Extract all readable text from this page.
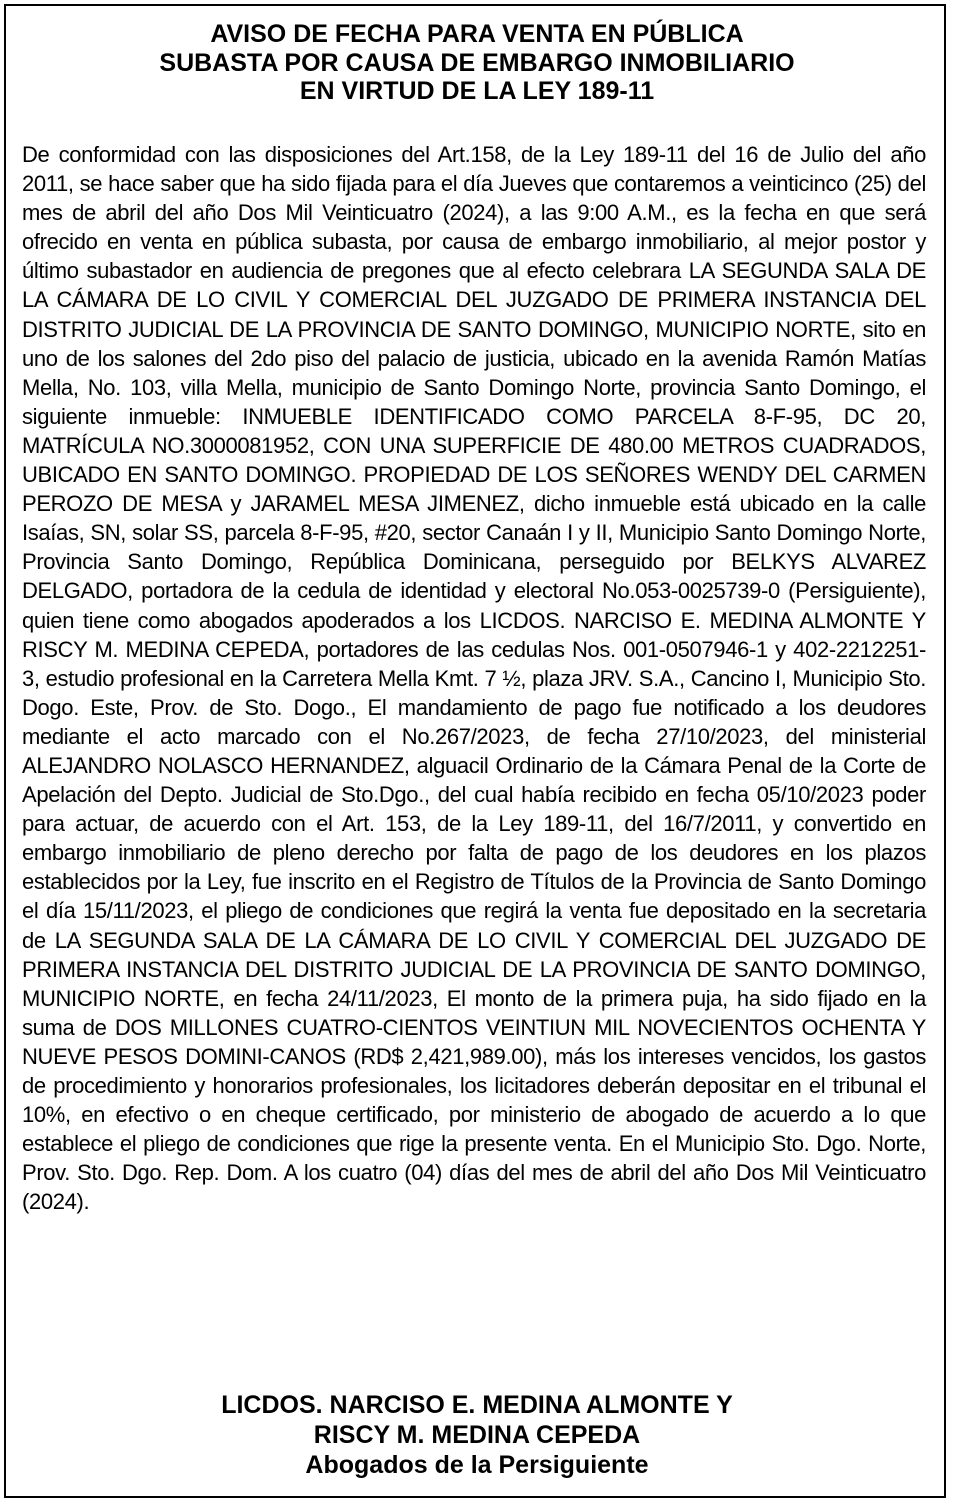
AVISO DE FECHA PARA VENTA EN PÚBLICA
SUBASTA POR CAUSA DE EMBARGO INMOBILIARIO
EN VIRTUD DE LA LEY 189-11

De conformidad con las disposiciones del Art.158, de la Ley 189-11 del 16 de Julio del año 2011, se hace saber que ha sido fijada para el día Jueves que contaremos a veinticinco (25) del mes de abril del año Dos Mil Veinticuatro (2024), a las 9:00 A.M., es la fecha en que será ofrecido en venta en pública subasta, por causa de embargo inmobiliario, al mejor postor y último subastador en audiencia de pregones que al efecto celebrara LA SEGUNDA SALA DE LA CÁMARA DE LO CIVIL Y COMERCIAL DEL JUZGADO DE PRIMERA INSTANCIA DEL DISTRITO JUDICIAL DE LA PROVINCIA DE SANTO DOMINGO, MUNICIPIO NORTE, sito en uno de los salones del 2do piso del palacio de justicia, ubicado en la avenida Ramón Matías Mella, No. 103, villa Mella, municipio de Santo Domingo Norte, provincia Santo Domingo, el siguiente inmueble: INMUEBLE IDENTIFICADO COMO PARCELA 8-F-95, DC 20, MATRÍCULA NO.3000081952, CON UNA SUPERFICIE DE 480.00 METROS CUADRADOS, UBICADO EN SANTO DOMINGO. PROPIEDAD DE LOS SEÑORES WENDY DEL CARMEN PEROZO DE MESA y JARAMEL MESA JIMENEZ, dicho inmueble está ubicado en la calle Isaías, SN, solar SS, parcela 8-F-95, #20, sector Canaán I y II, Municipio Santo Domingo Norte, Provincia Santo Domingo, República Dominicana, perseguido por BELKYS ALVAREZ DELGADO, portadora de la cedula de identidad y electoral No.053-0025739-0 (Persiguiente), quien tiene como abogados apoderados a los LICDOS. NARCISO E. MEDINA ALMONTE Y RISCY M. MEDINA CEPEDA, portadores de las cedulas Nos. 001-0507946-1 y 402-2212251-3, estudio profesional en la Carretera Mella Kmt. 7 ½, plaza JRV. S.A., Cancino I, Municipio Sto. Dogo. Este, Prov. de Sto. Dogo., El mandamiento de pago fue notificado a los deudores mediante el acto marcado con el No.267/2023, de fecha 27/10/2023, del ministerial ALEJANDRO NOLASCO HERNANDEZ, alguacil Ordinario de la Cámara Penal de la Corte de Apelación del Depto. Judicial de Sto.Dgo., del cual había recibido en fecha 05/10/2023 poder para actuar, de acuerdo con el Art. 153, de la Ley 189-11, del 16/7/2011, y convertido en embargo inmobiliario de pleno derecho por falta de pago de los deudores en los plazos establecidos por la Ley, fue inscrito en el Registro de Títulos de la Provincia de Santo Domingo el día 15/11/2023, el pliego de condiciones que regirá la venta fue depositado en la secretaria de LA SEGUNDA SALA DE LA CÁMARA DE LO CIVIL Y COMERCIAL DEL JUZGADO DE PRIMERA INSTANCIA DEL DISTRITO JUDICIAL DE LA PROVINCIA DE SANTO DOMINGO, MUNICIPIO NORTE, en fecha 24/11/2023, El monto de la primera puja, ha sido fijado en la suma de DOS MILLONES CUATRO-CIENTOS VEINTIUN MIL NOVECIENTOS OCHENTA Y NUEVE PESOS DOMINI-CANOS (RD$ 2,421,989.00), más los intereses vencidos, los gastos de procedimiento y honorarios profesionales, los licitadores deberán depositar en el tribunal el 10%, en efectivo o en cheque certificado, por ministerio de abogado de acuerdo a lo que establece el pliego de condiciones que rige la presente venta. En el Municipio Sto. Dgo. Norte, Prov. Sto. Dgo. Rep. Dom. A los cuatro (04) días del mes de abril del año Dos Mil Veinticuatro (2024).

LICDOS. NARCISO E. MEDINA ALMONTE Y
RISCY M. MEDINA CEPEDA
Abogados de la Persiguiente
